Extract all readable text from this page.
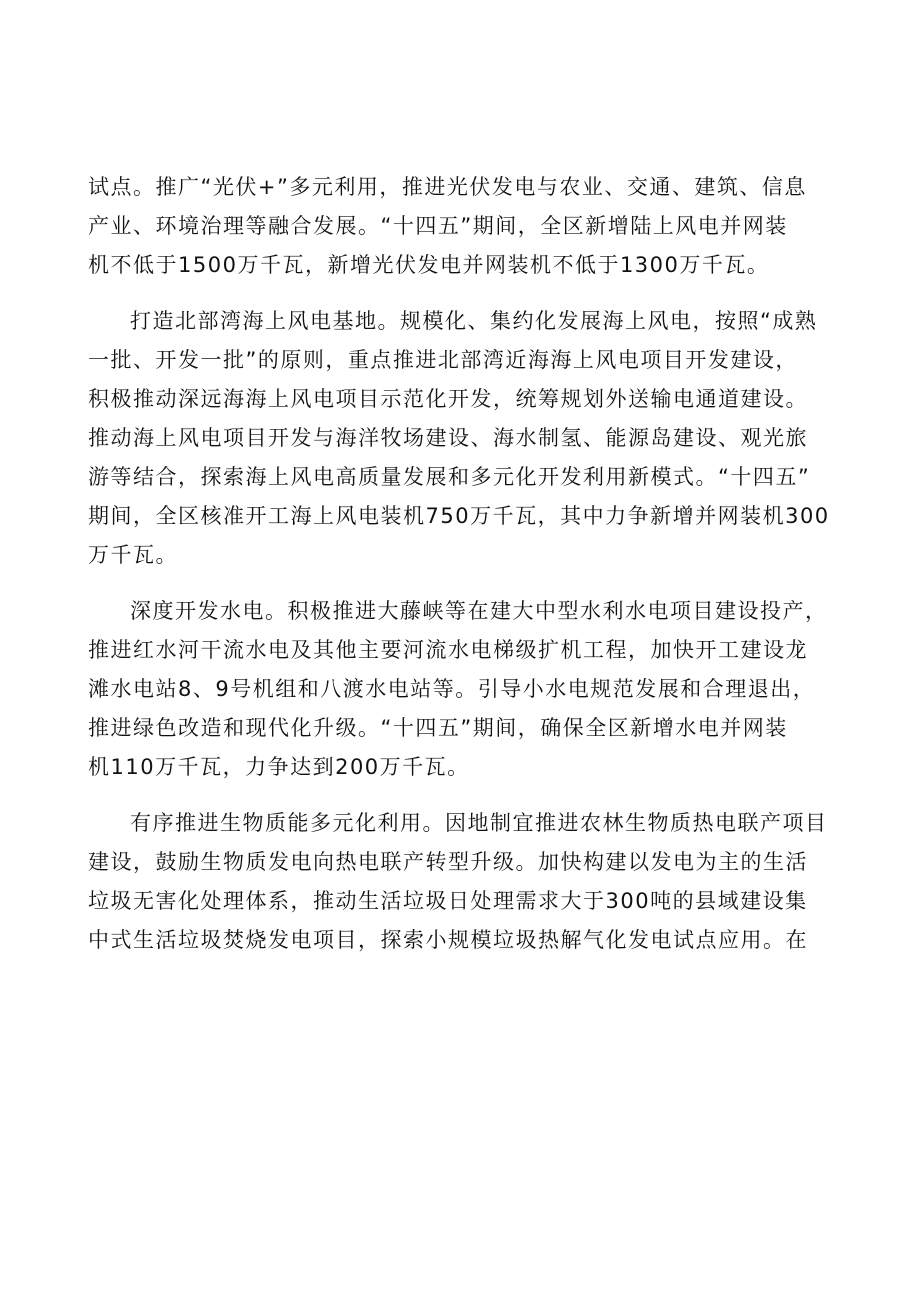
试点。推广“光伏+”多元利用，推进光伏发电与农业、交通、建筑、信息
产业、环境治理等融合发展。“十四五”期间，全区新增陆上风电并网装
机不低于1500万千瓦，新增光伏发电并网装机不低于1300万千瓦。
打造北部湾海上风电基地。规模化、集约化发展海上风电，按照“成熟
一批、开发一批”的原则，重点推进北部湾近海海上风电项目开发建设，
积极推动深远海海上风电项目示范化开发，统筹规划外送输电通道建设。
推动海上风电项目开发与海洋牧场建设、海水制氢、能源岛建设、观光旅
游等结合，探索海上风电高质量发展和多元化开发利用新模式。“十四五”
期间，全区核准开工海上风电装机750万千瓦，其中力争新增并网装机300
万千瓦。
深度开发水电。积极推进大藤峡等在建大中型水利水电项目建设投产，
推进红水河干流水电及其他主要河流水电梯级扩机工程，加快开工建设龙
滩水电站8、9号机组和八渡水电站等。引导小水电规范发展和合理退出，
推进绿色改造和现代化升级。“十四五”期间，确保全区新增水电并网装
机110万千瓦，力争达到200万千瓦。
有序推进生物质能多元化利用。因地制宜推进农林生物质热电联产项目
建设，鼓励生物质发电向热电联产转型升级。加快构建以发电为主的生活
垃圾无害化处理体系，推动生活垃圾日处理需求大于300吨的县域建设集
中式生活垃圾焚烧发电项目，探索小规模垃圾热解气化发电试点应用。在
